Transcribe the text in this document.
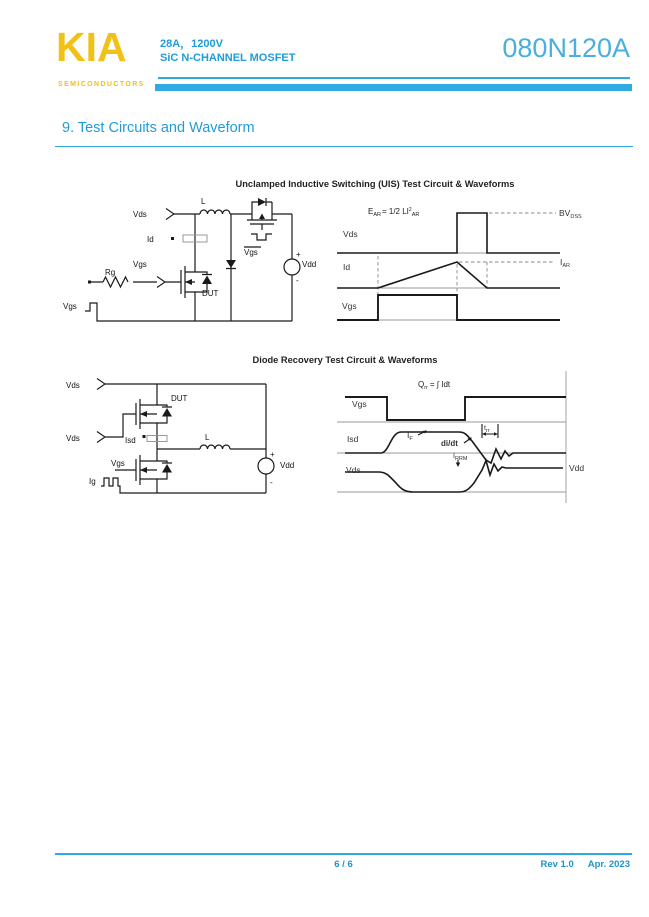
KIA
SEMICONDUCTORS
28A，1200V
SiC N-CHANNEL MOSFET	080N120A
9. Test Circuits and Waveform
Unclamped Inductive Switching (UIS) Test Circuit & Waveforms
Vds
L
Id
Vgs
Rg
Vgs
DUT
Vgs	+
Vdd
-
$E_{AR}= 1/2$ $LI^2_{AR}$
Vds
Id
Vgs
$BV_{DSS}$
$I_{AR}$
Diode Recovery Test Circuit & Waveforms
Vds
DUT
Vds	Isd	L
Vgs
Ig
+
Vdd
-
$Q_{rr}$ = ∫ Idt
Vgs
Isd
Vds
$I_F$	di/dt
$t_{rr}$
$I_{RRM}$
Vdd
6 / 6	Rev 1.0 Apr. 2023
